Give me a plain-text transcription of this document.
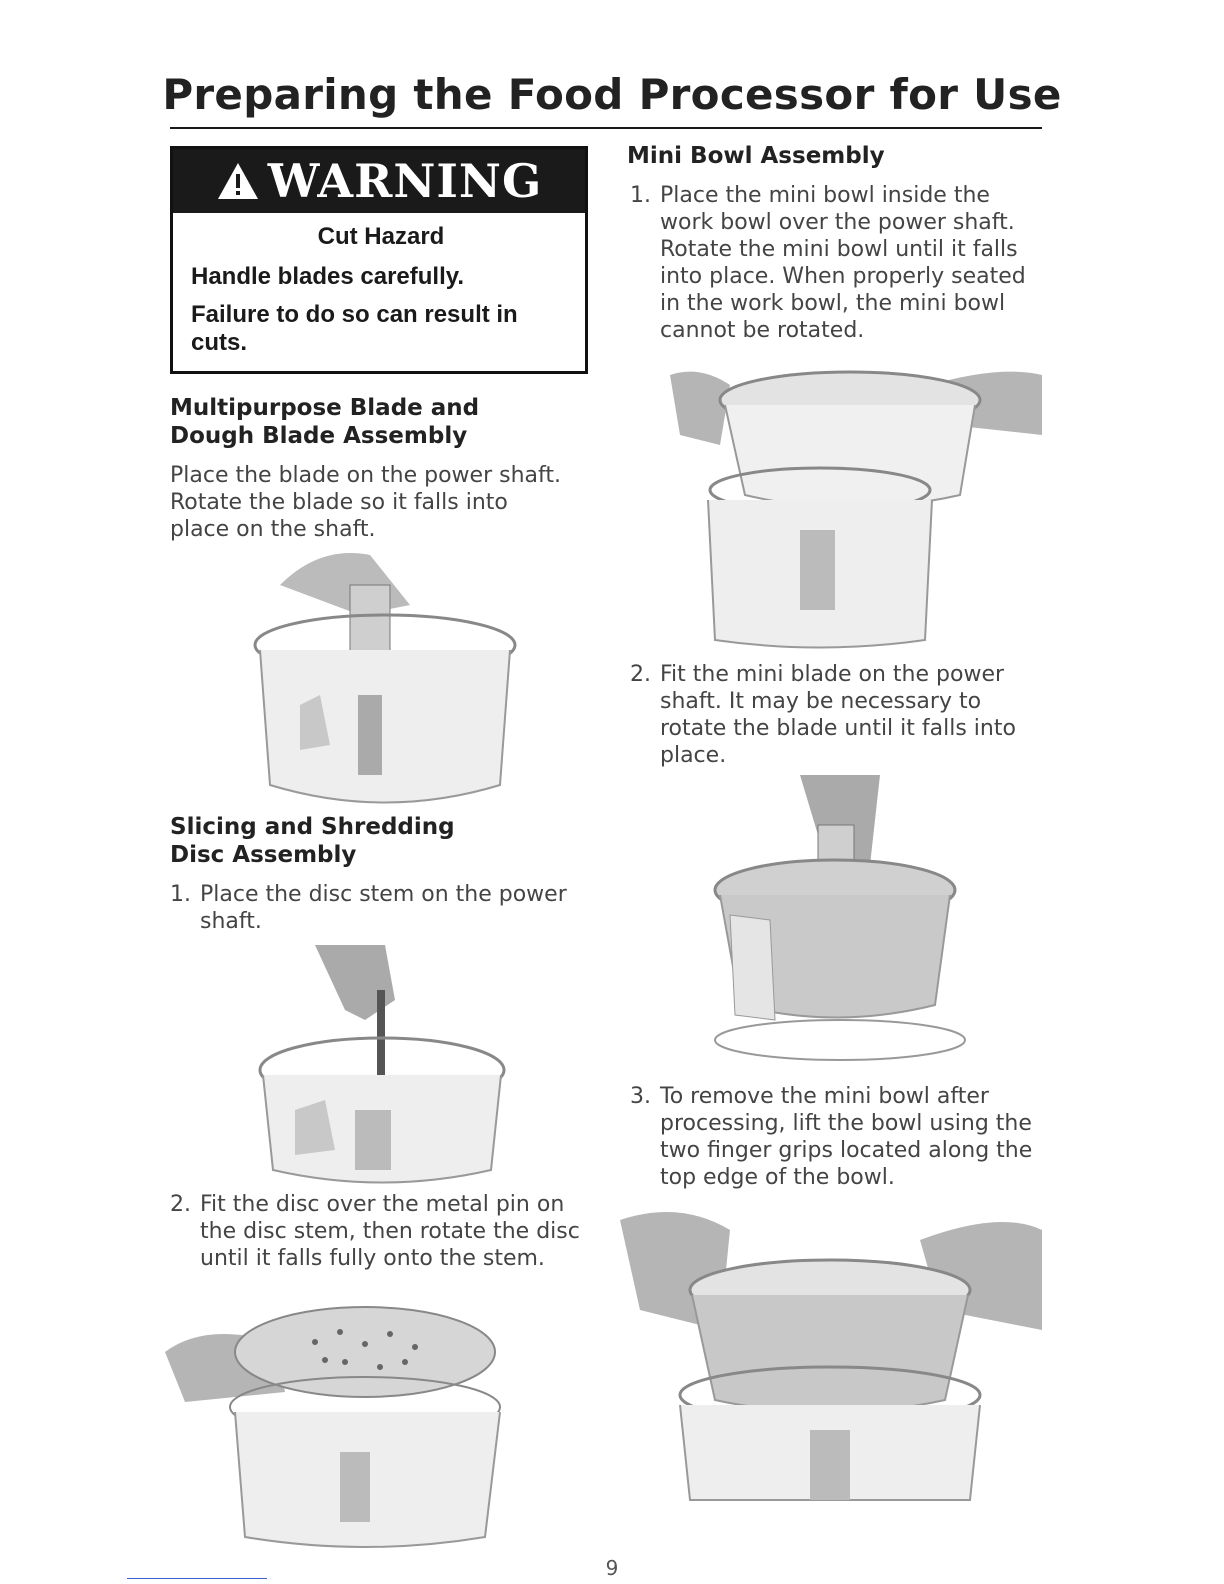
Preparing the Food Processor for Use
WARNING

Cut Hazard

Handle blades carefully.

Failure to do so can result in cuts.

Multipurpose Blade and Dough Blade Assembly

Place the blade on the power shaft. Rotate the blade so it falls into place on the shaft.

Slicing and Shredding Disc Assembly
1. Place the disc stem on the power shaft.
2. Fit the disc over the metal pin on the disc stem, then rotate the disc until it falls fully onto the stem.
Mini Bowl Assembly
1. Place the mini bowl inside the work bowl over the power shaft. Rotate the mini bowl until it falls into place. When properly seated in the work bowl, the mini bowl cannot be rotated.
2. Fit the mini blade on the power shaft. It may be necessary to rotate the blade until it falls into place.
3. To remove the mini bowl after processing, lift the bowl using the two finger grips located along the top edge of the bowl.
9
